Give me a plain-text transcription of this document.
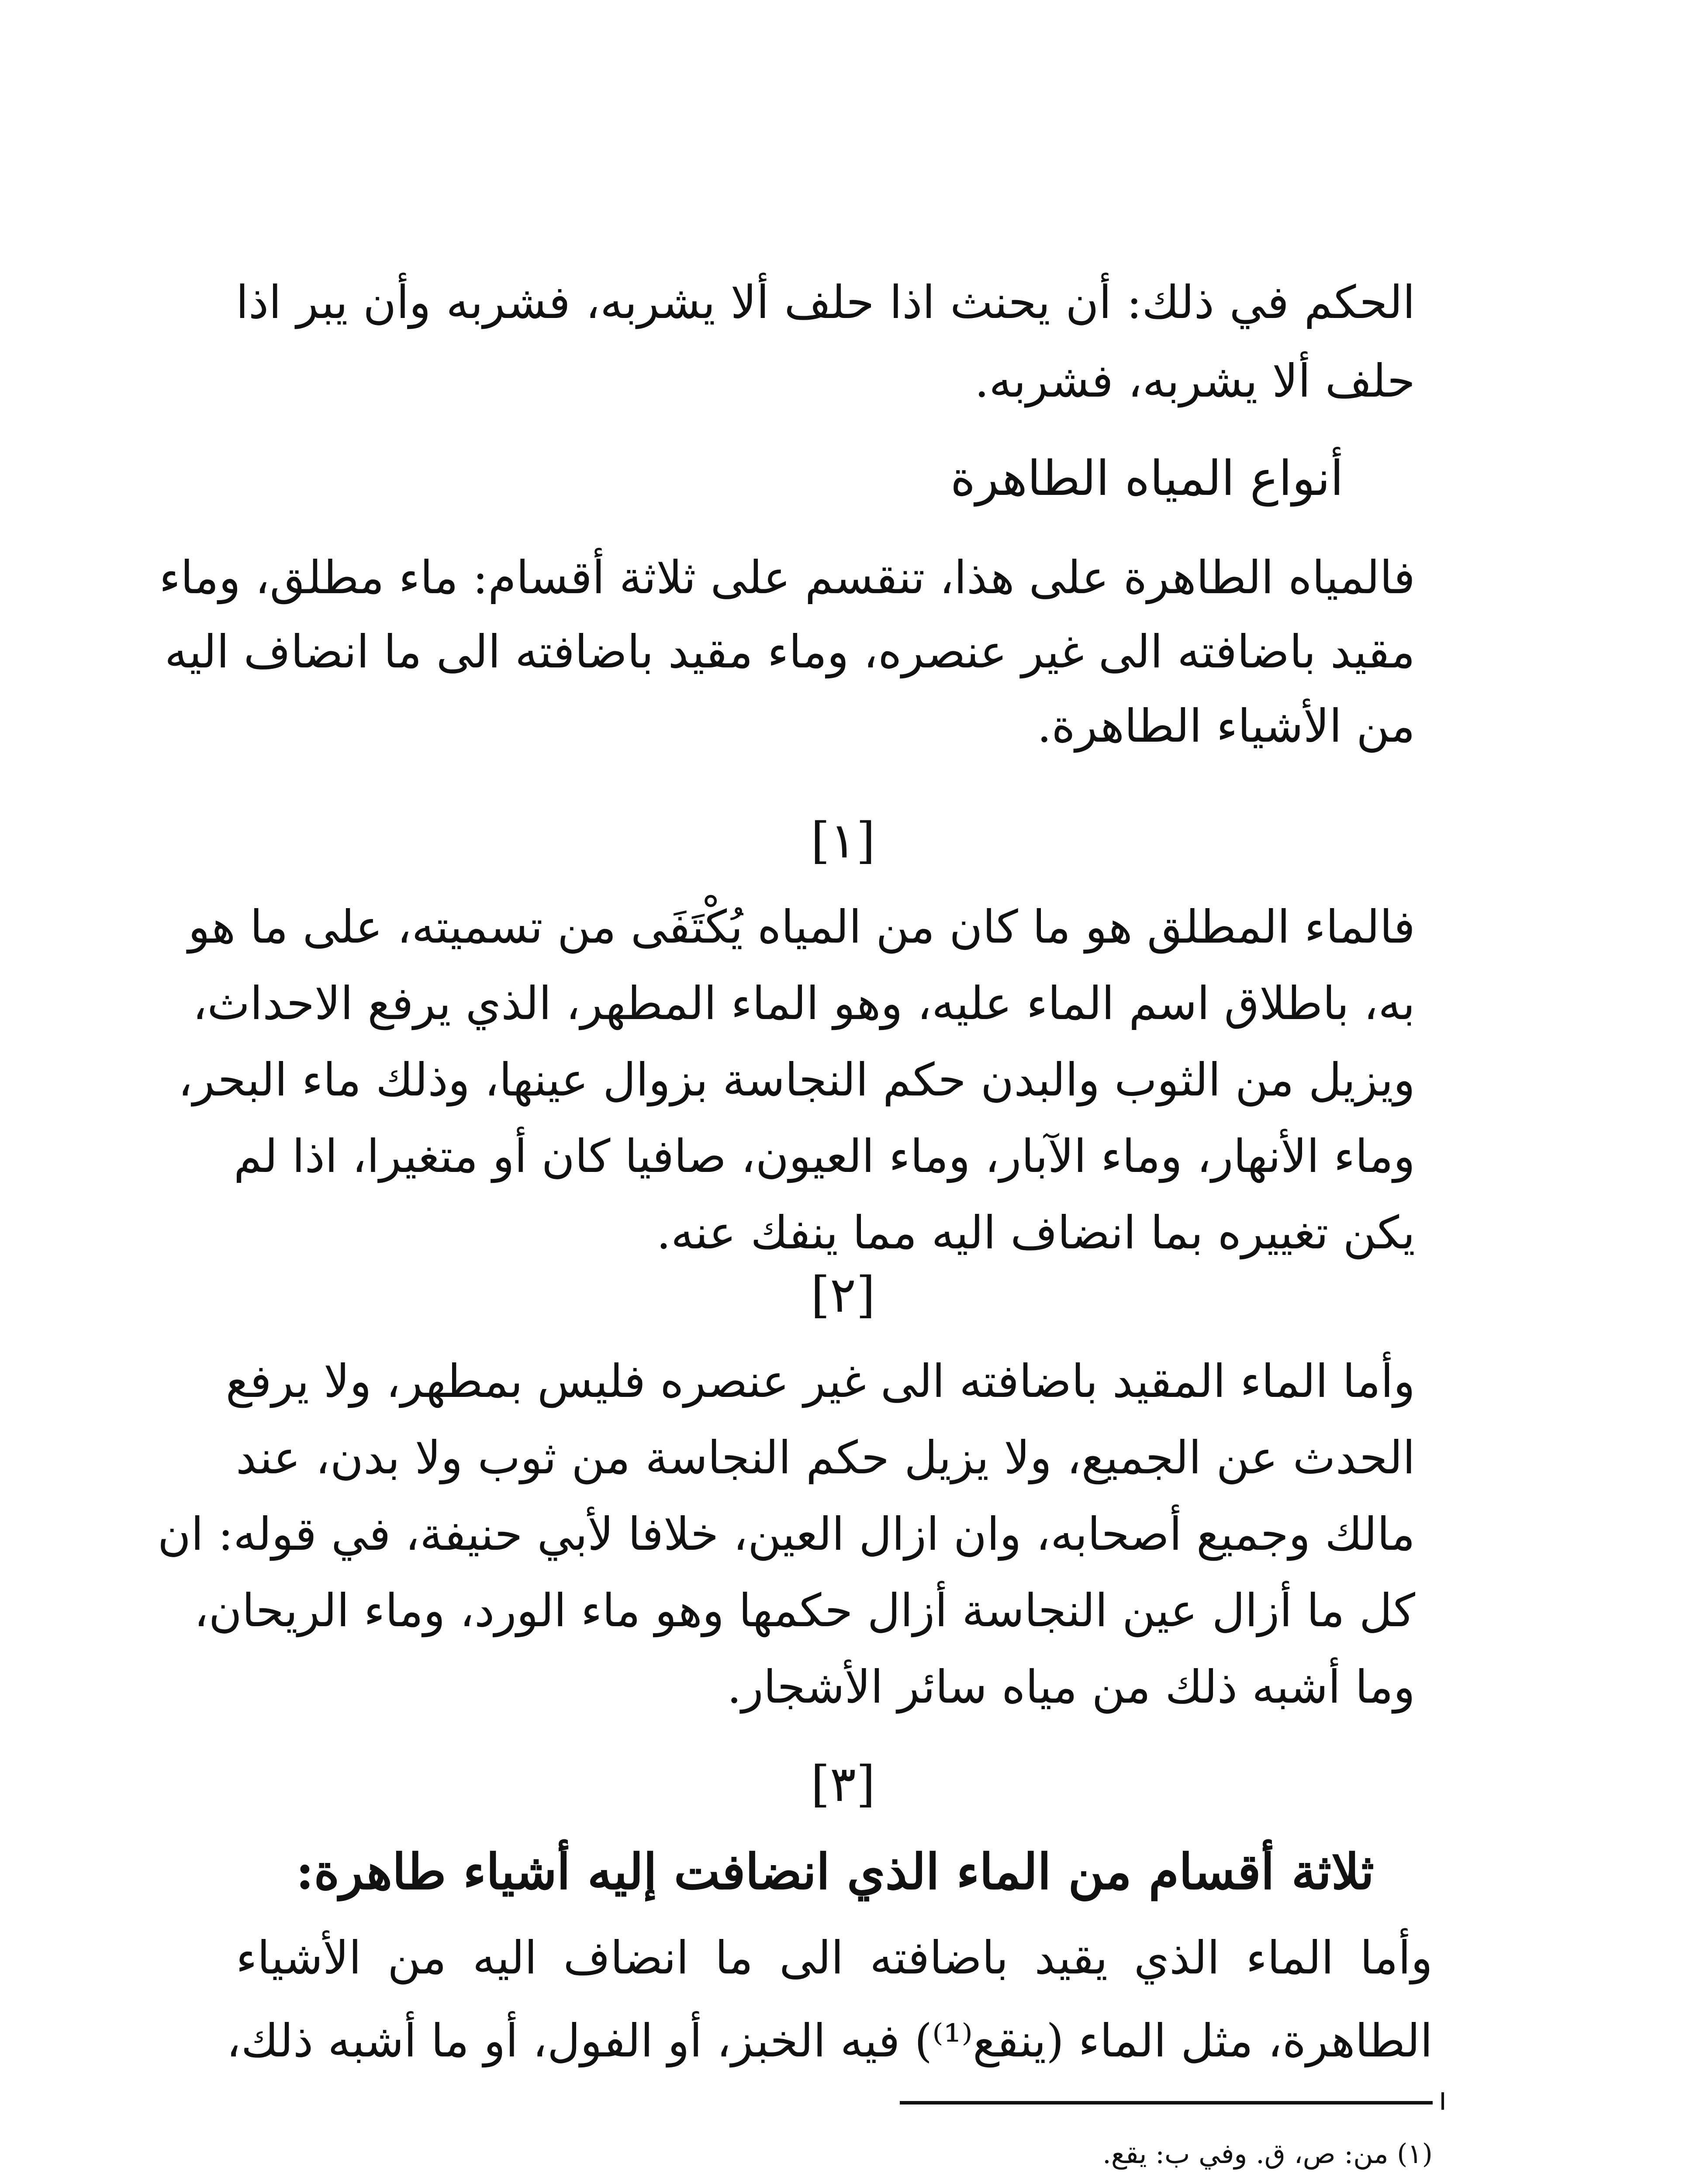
الحكم في ذلك: أن يحنث اذا حلف ألا يشربه، فشربه وأن يبر اذا
حلف ألا يشربه، فشربه.
أنواع المياه الطاهرة
فالمياه الطاهرة على هذا، تنقسم على ثلاثة أقسام: ماء مطلق، وماء
مقيد باضافته الى غير عنصره، وماء مقيد باضافته الى ما انضاف اليه
من الأشياء الطاهرة.
[١]
فالماء المطلق هو ما كان من المياه يُكْتَفَى من تسميته، على ما هو
به، باطلاق اسم الماء عليه، وهو الماء المطهر، الذي يرفع الاحداث،
ويزيل من الثوب والبدن حكم النجاسة بزوال عينها، وذلك ماء البحر،
وماء الأنهار، وماء الآبار، وماء العيون، صافيا كان أو متغيرا، اذا لم
يكن تغييره بما انضاف اليه مما ينفك عنه.
[٢]
وأما الماء المقيد باضافته الى غير عنصره فليس بمطهر، ولا يرفع
الحدث عن الجميع، ولا يزيل حكم النجاسة من ثوب ولا بدن، عند
مالك وجميع أصحابه، وان ازال العين، خلافا لأبي حنيفة، في قوله: ان
كل ما أزال عين النجاسة أزال حكمها وهو ماء الورد، وماء الريحان،
وما أشبه ذلك من مياه سائر الأشجار.
[٣]
ثلاثة أقسام من الماء الذي انضافت إليه أشياء طاهرة:
وأما الماء الذي يقيد باضافته الى ما انضاف اليه من الأشياء
الطاهرة، مثل الماء (ينقع⁽¹⁾) فيه الخبز، أو الفول، أو ما أشبه ذلك،
(١) من: ص، ق. وفي ب: يقع.
